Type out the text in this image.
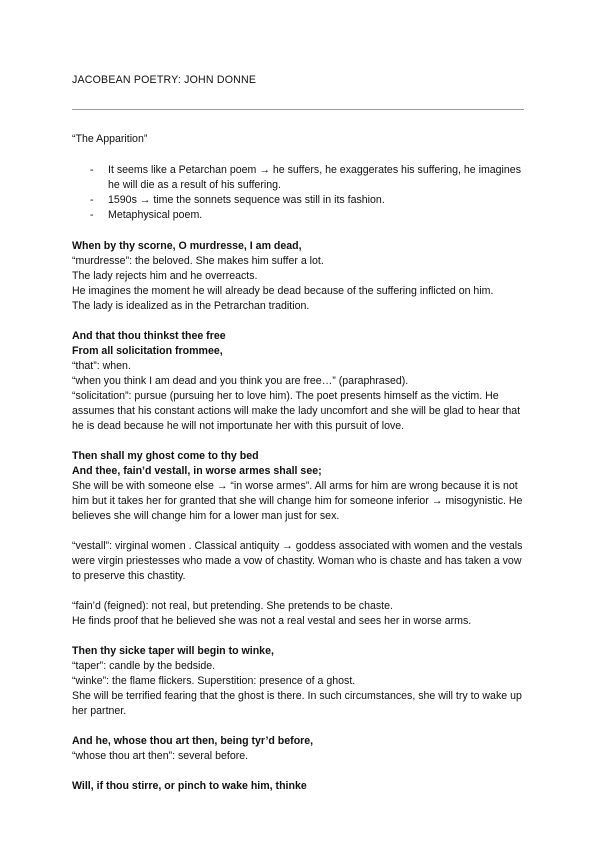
JACOBEAN POETRY: JOHN DONNE
“The Apparition”
- It seems like a Petarchan poem → he suffers, he exaggerates his suffering, he imagines he will die as a result of his suffering.
- 1590s → time the sonnets sequence was still in its fashion.
- Metaphysical poem.

When by thy scorne, O murdresse, I am dead,

“murdresse”: the beloved. She makes him suffer a lot.

The lady rejects him and he overreacts.

He imagines the moment he will already be dead because of the suffering inflicted on him.

The lady is idealized as in the Petrarchan tradition.

And that thou thinkst thee free

From all solicitation frommee,

“that”: when.

“when you think I am dead and you think you are free…” (paraphrased).

“solicitation”: pursue (pursuing her to love him). The poet presents himself as the victim. He assumes that his constant actions will make the lady uncomfort and she will be glad to hear that he is dead because he will not importunate her with this pursuit of love.

Then shall my ghost come to thy bed

And thee, fain’d vestall, in worse armes shall see;

She will be with someone else → “in worse armes”. All arms for him are wrong because it is not him but it takes her for granted that she will change him for someone inferior → misogynistic. He believes she will change him for a lower man just for sex.

“vestall”: virginal women . Classical antiquity → goddess associated with women and the vestals were virgin priestesses who made a vow of chastity. Woman who is chaste and has taken a vow to preserve this chastity.

“fain’d (feigned): not real, but pretending. She pretends to be chaste.

He finds proof that he believed she was not a real vestal and sees her in worse arms.

Then thy sicke taper will begin to winke,

“taper”: candle by the bedside.

“winke”: the flame flickers. Superstition: presence of a ghost.

She will be terrified fearing that the ghost is there. In such circumstances, she will try to wake up her partner.

And he, whose thou art then, being tyr’d before,

“whose thou art then”: several before.

Will, if thou stirre, or pinch to wake him, thinke
